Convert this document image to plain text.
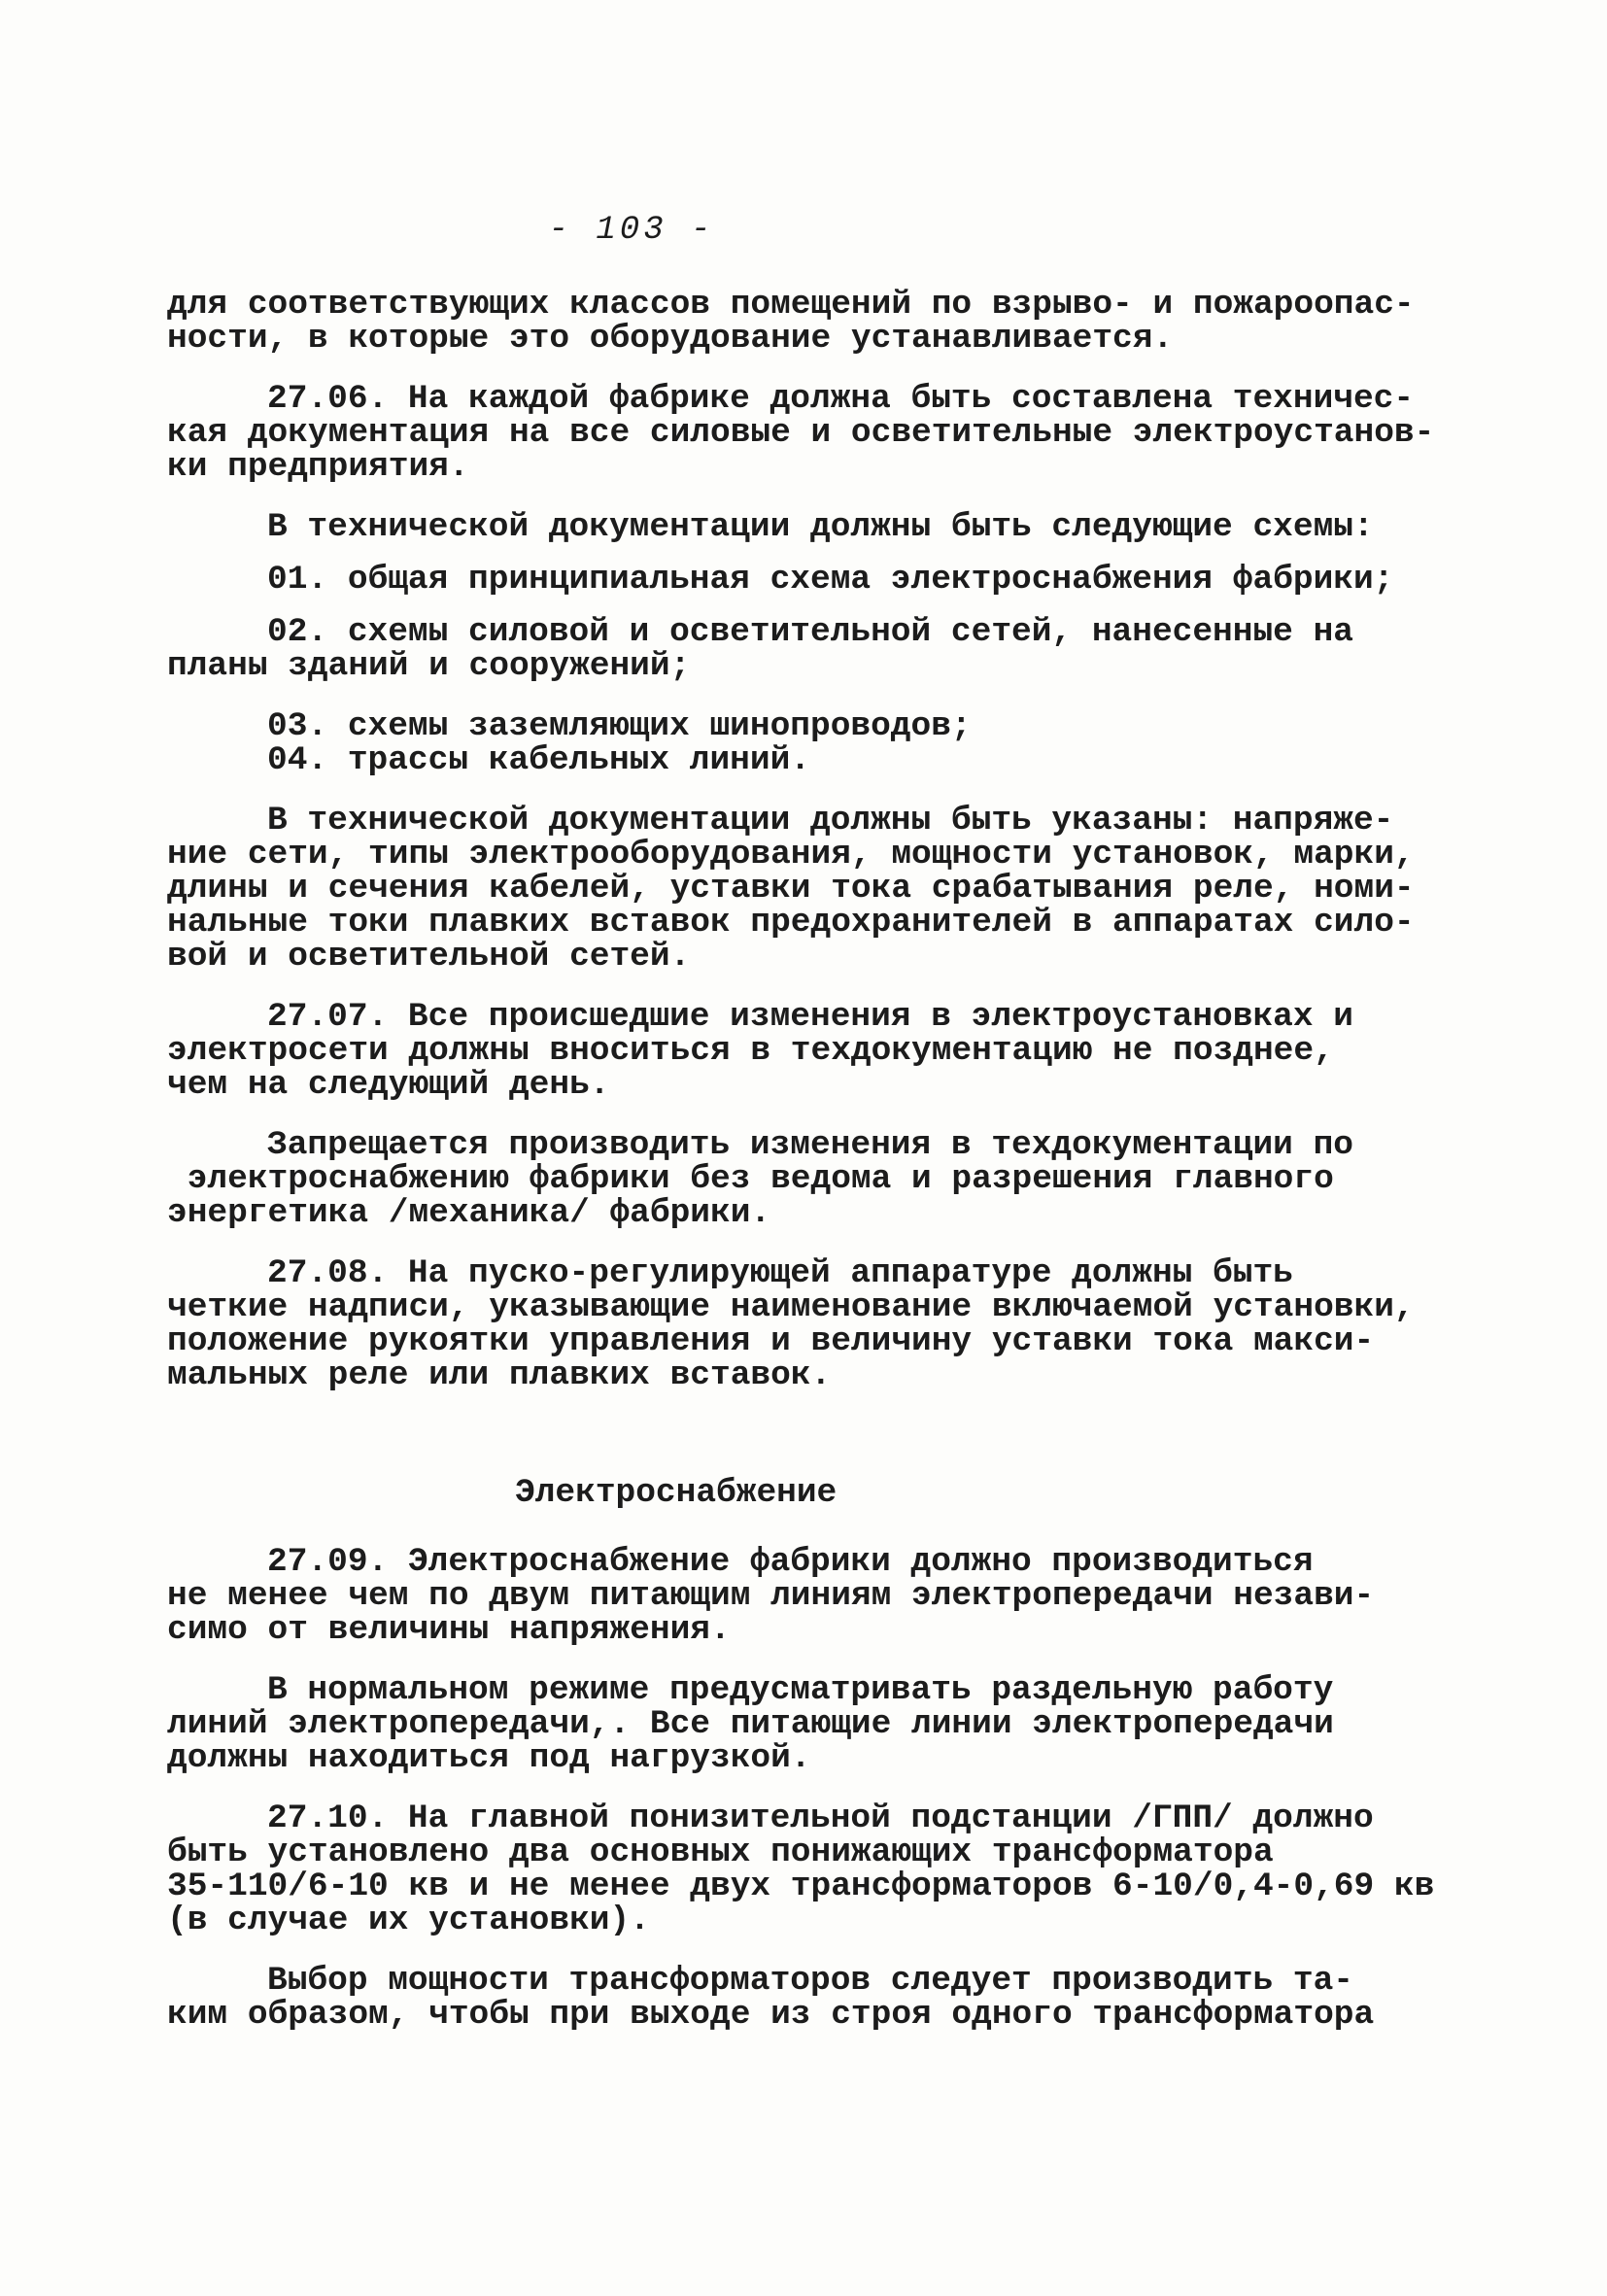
- 103 -
для соответствующих классов помещений по взрыво- и пожароопас-
ности, в которые это оборудование устанавливается.
27.06. На каждой фабрике должна быть составлена техничес-
кая документация на все силовые и осветительные электроустанов-
ки предприятия.
В технической документации должны быть следующие схемы:
01. общая принципиальная схема электроснабжения фабрики;
02. схемы силовой и осветительной сетей, нанесенные на
планы зданий и сооружений;
03. схемы заземляющих шинопроводов;
04. трассы кабельных линий.
В технической документации должны быть указаны: напряже-
ние сети, типы электрооборудования, мощности установок, марки,
длины и сечения кабелей, уставки тока срабатывания реле, номи-
нальные токи плавких вставок предохранителей в аппаратах сило-
вой и осветительной сетей.
27.07. Все происшедшие изменения в электроустановках и
электросети должны вноситься в техдокументацию не позднее,
чем на следующий день.
Запрещается производить изменения в техдокументации по
электроснабжению фабрики без ведома и разрешения главного
энергетика /механика/ фабрики.
27.08. На пуско-регулирующей аппаратуре должны быть
четкие надписи, указывающие наименование включаемой установки,
положение рукоятки управления и величину уставки тока макси-
мальных реле или плавких вставок.
Электроснабжение
27.09. Электроснабжение фабрики должно производиться
не менее чем по двум питающим линиям электропередачи незави-
симо от величины напряжения.
В нормальном режиме предусматривать раздельную работу
линий электропередачи,. Все питающие линии электропередачи
должны находиться под нагрузкой.
27.10. На главной понизительной подстанции /ГПП/ должно
быть установлено два основных понижающих трансформатора
35-110/6-10 кв и не менее двух трансформаторов 6-10/0,4-0,69 кв
(в случае их установки).
Выбор мощности трансформаторов следует производить та-
ким образом, чтобы при выходе из строя одного трансформатора
